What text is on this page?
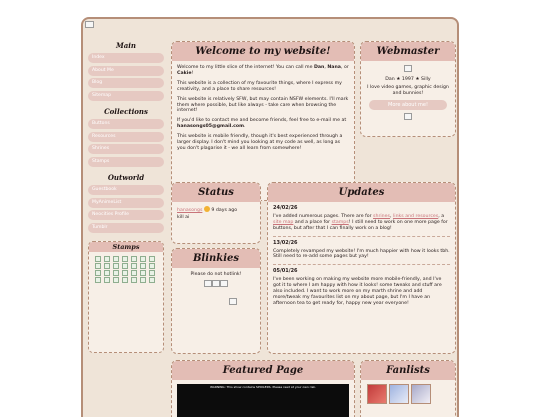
Main
Index
About Me
Blog
Sitemap
Collections
Buttons
Resources
Shrines
Stamps
Outworld
Guestbook
MyAnimeList
Neocities Profile
Tumblr
Stamps
Welcome to my website!

Welcome to my little slice of the internet! You can call me Dan, Nana, or Cakie!

This website is a collection of my favourite things, where I express my creativity, and a place to share resources!

This website is relatively SFW, but may contain NSFW elements. I'll mark them where possible, but like always - take care when browsing the internet!

If you'd like to contact me and become friends, feel free to e-mail me at hanasongs05@gmail.com.

This website is mobile friendly, though it's best experienced through a larger display. I don't mind you looking at my code as well, as long as you don't plagarise it - we all learn from somewhere!

Webmaster

Dan ★ 1997 ★ Silly

I love video games, graphic design and bunnies!

More about me!
Status

hanasongs 9 days ago

kill ai

Blinkies

Please do not hotlink!

Updates
24/02/26
I've added numerous pages. There are for shrines, links and resources, a site map and a place for stamps! I still need to work on one more page for buttons, but after that I can finally work on a blog!
13/02/26
Completely revamped my website! I'm much happier with how it looks tbh. Still need to re-add some pages but yay!
05/01/26
I've been working on making my website more mobile-friendly, and I've got it to where I am happy with how it looks! some tweaks and stuff are also included. I want to work more on my marth shrine and add more/tweak my favourites list on my about page, but I'm I have an afternoon tea to get ready for, happy new year everyone!
Featured Page
WARNING: This show contains SPOILERS. Please read at your own risk.
Fanlists
